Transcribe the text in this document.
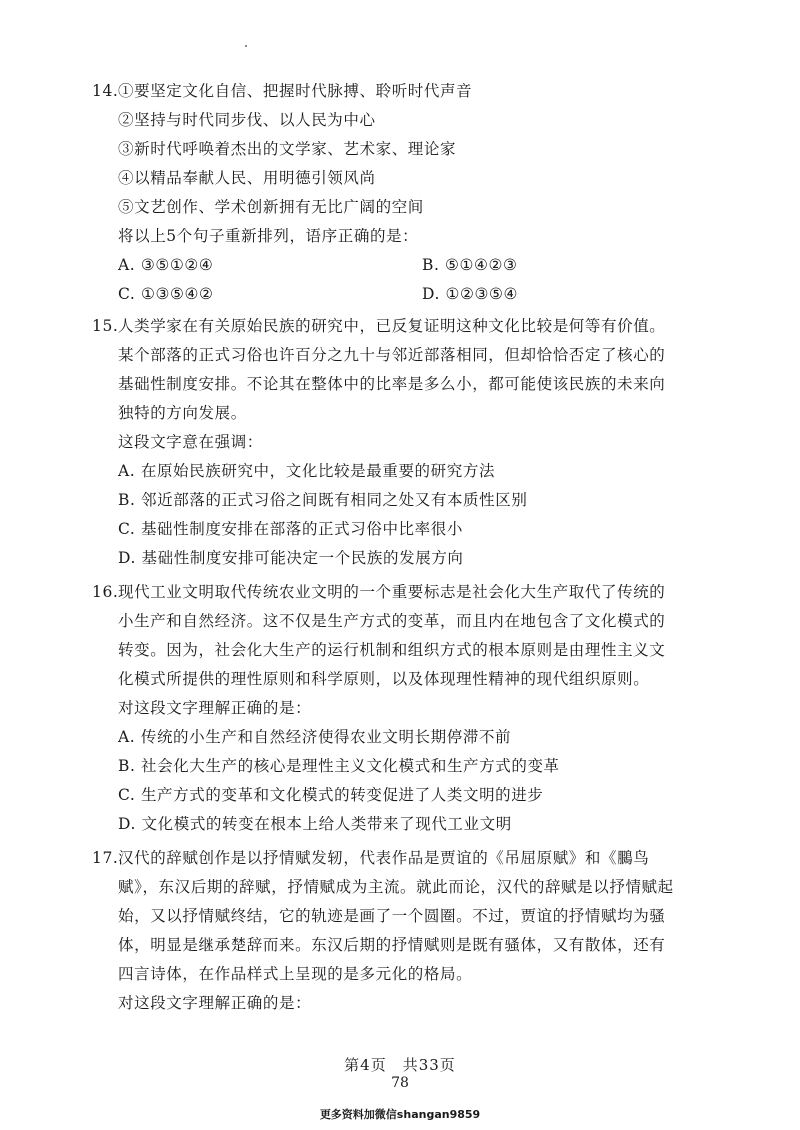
14.①要坚定文化自信、把握时代脉搏、聆听时代声音
②坚持与时代同步伐、以人民为中心
③新时代呼唤着杰出的文学家、艺术家、理论家
④以精品奉献人民、用明德引领风尚
⑤文艺创作、学术创新拥有无比广阔的空间
将以上5个句子重新排列，语序正确的是：
A. ③⑤①②④	B. ⑤①④②③
C. ①③⑤④②	D. ①②③⑤④
15.人类学家在有关原始民族的研究中，已反复证明这种文化比较是何等有价值。
某个部落的正式习俗也许百分之九十与邻近部落相同，但却恰恰否定了核心的
基础性制度安排。不论其在整体中的比率是多么小，都可能使该民族的未来向
独特的方向发展。
这段文字意在强调：
A. 在原始民族研究中，文化比较是最重要的研究方法
B. 邻近部落的正式习俗之间既有相同之处又有本质性区别
C. 基础性制度安排在部落的正式习俗中比率很小
D. 基础性制度安排可能决定一个民族的发展方向
16.现代工业文明取代传统农业文明的一个重要标志是社会化大生产取代了传统的
小生产和自然经济。这不仅是生产方式的变革，而且内在地包含了文化模式的
转变。因为，社会化大生产的运行机制和组织方式的根本原则是由理性主义文
化模式所提供的理性原则和科学原则，以及体现理性精神的现代组织原则。
对这段文字理解正确的是：
A. 传统的小生产和自然经济使得农业文明长期停滞不前
B. 社会化大生产的核心是理性主义文化模式和生产方式的变革
C. 生产方式的变革和文化模式的转变促进了人类文明的进步
D. 文化模式的转变在根本上给人类带来了现代工业文明
17.汉代的辞赋创作是以抒情赋发轫，代表作品是贾谊的《吊屈原赋》和《鵩鸟
赋》，东汉后期的辞赋，抒情赋成为主流。就此而论，汉代的辞赋是以抒情赋起
始，又以抒情赋终结，它的轨迹是画了一个圆圈。不过，贾谊的抒情赋均为骚
体，明显是继承楚辞而来。东汉后期的抒情赋则是既有骚体，又有散体，还有
四言诗体，在作品样式上呈现的是多元化的格局。
对这段文字理解正确的是：
第4页　共33页
78
更多资料加微信shangan9859
